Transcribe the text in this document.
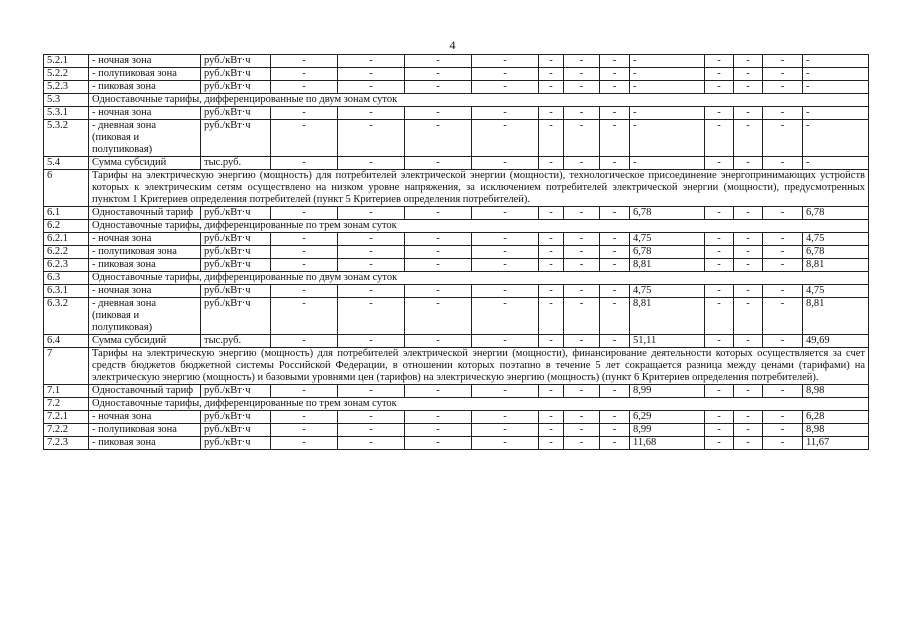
4
5.2.1	- ночная зона	руб./кВт·ч	-	-	-	-	-	-	-	-	-	-	-	-
5.2.2	- полупиковая зона	руб./кВт·ч	-	-	-	-	-	-	-	-	-	-	-	-
5.2.3	- пиковая зона	руб./кВт·ч	-	-	-	-	-	-	-	-	-	-	-	-
5.3	Одноставочные тарифы, дифференцированные по двум зонам суток													
5.3.1	- ночная зона	руб./кВт·ч	-	-	-	-	-	-	-	-	-	-	-	-
5.3.2	- дневная зона (пиковая и полупиковая)	руб./кВт·ч	-	-	-	-	-	-	-	-	-	-	-	-
5.4	Сумма субсидий	тыс.руб.	-	-	-	-	-	-	-	-	-	-	-	-
6	Тарифы на электрическую энергию (мощность) для потребителей электрической энергии (мощности), технологическое присоединение энергопринимающих устройств которых к электрическим сетям осуществлено на низком уровне напряжения, за исключением потребителей электрической энергии (мощности), предусмотренных пунктом 1 Критериев определения потребителей (пункт 5 Критериев определения потребителей).													
6.1	Одноставочный тариф	руб./кВт·ч	-	-	-	-	-	-	-	6,78	-	-	-	6,78
6.2	Одноставочные тарифы, дифференцированные по трем зонам суток													
6.2.1	- ночная зона	руб./кВт·ч	-	-	-	-	-	-	-	4,75	-	-	-	4,75
6.2.2	- полупиковая зона	руб./кВт·ч	-	-	-	-	-	-	-	6,78	-	-	-	6,78
6.2.3	- пиковая зона	руб./кВт·ч	-	-	-	-	-	-	-	8,81	-	-	-	8,81
6.3	Одноставочные тарифы, дифференцированные по двум зонам суток													
6.3.1	- ночная зона	руб./кВт·ч	-	-	-	-	-	-	-	4,75	-	-	-	4,75
6.3.2	- дневная зона (пиковая и полупиковая)	руб./кВт·ч	-	-	-	-	-	-	-	8,81	-	-	-	8,81
6.4	Сумма субсидий	тыс.руб.	-	-	-	-	-	-	-	51,11	-	-	-	49,69
7	Тарифы на электрическую энергию (мощность) для потребителей электрической энергии (мощности), финансирование деятельности которых осуществляется за счет средств бюджетов бюджетной системы Российской Федерации, в отношении которых поэтапно в течение 5 лет сокращается разница между ценами (тарифами) на электрическую энергию (мощность) и базовыми уровнями цен (тарифов) на электрическую энергию (мощность) (пункт 6 Критериев определения потребителей).													
7.1	Одноставочный тариф	руб./кВт·ч	-	-	-	-	-	-	-	8,99	-	-	-	8,98
7.2	Одноставочные тарифы, дифференцированные по трем зонам суток													
7.2.1	- ночная зона	руб./кВт·ч	-	-	-	-	-	-	-	6,29	-	-	-	6,28
7.2.2	- полупиковая зона	руб./кВт·ч	-	-	-	-	-	-	-	8,99	-	-	-	8,98
7.2.3	- пиковая зона	руб./кВт·ч	-	-	-	-	-	-	-	11,68	-	-	-	11,67
